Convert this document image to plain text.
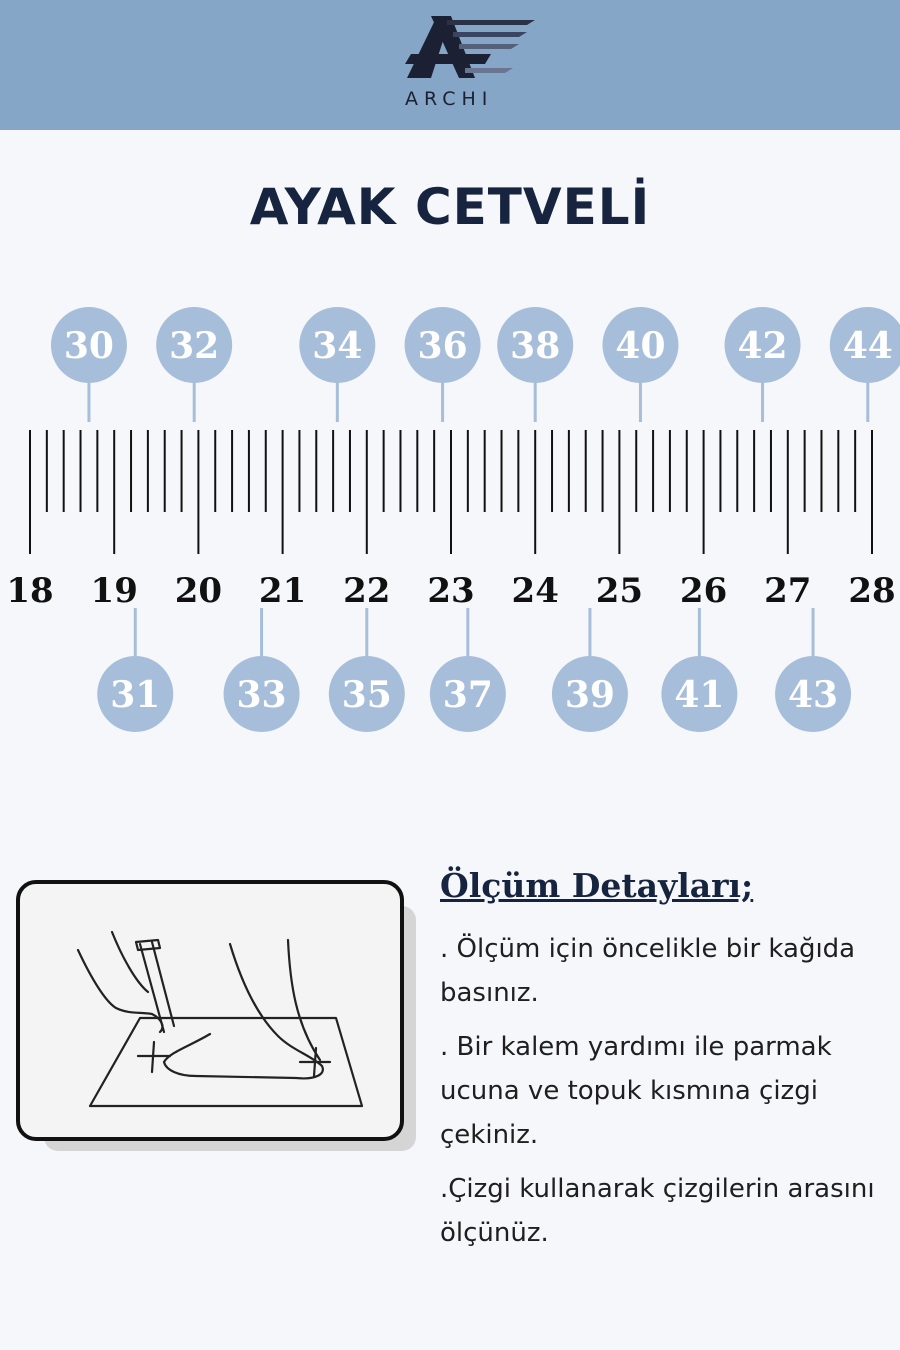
ARCHI
AYAK CETVELİ
18 19 20 21 22 23 24 25 26 27 28
30 32	34 36 38 40 42 44
31 33 35 37 39 41 43
Ölçüm Detayları;

. Ölçüm için öncelikle bir kağıda basınız.

. Bir kalem yardımı ile parmak ucuna ve topuk kısmına çizgi çekiniz.

.Çizgi kullanarak çizgilerin arasını ölçünüz.
